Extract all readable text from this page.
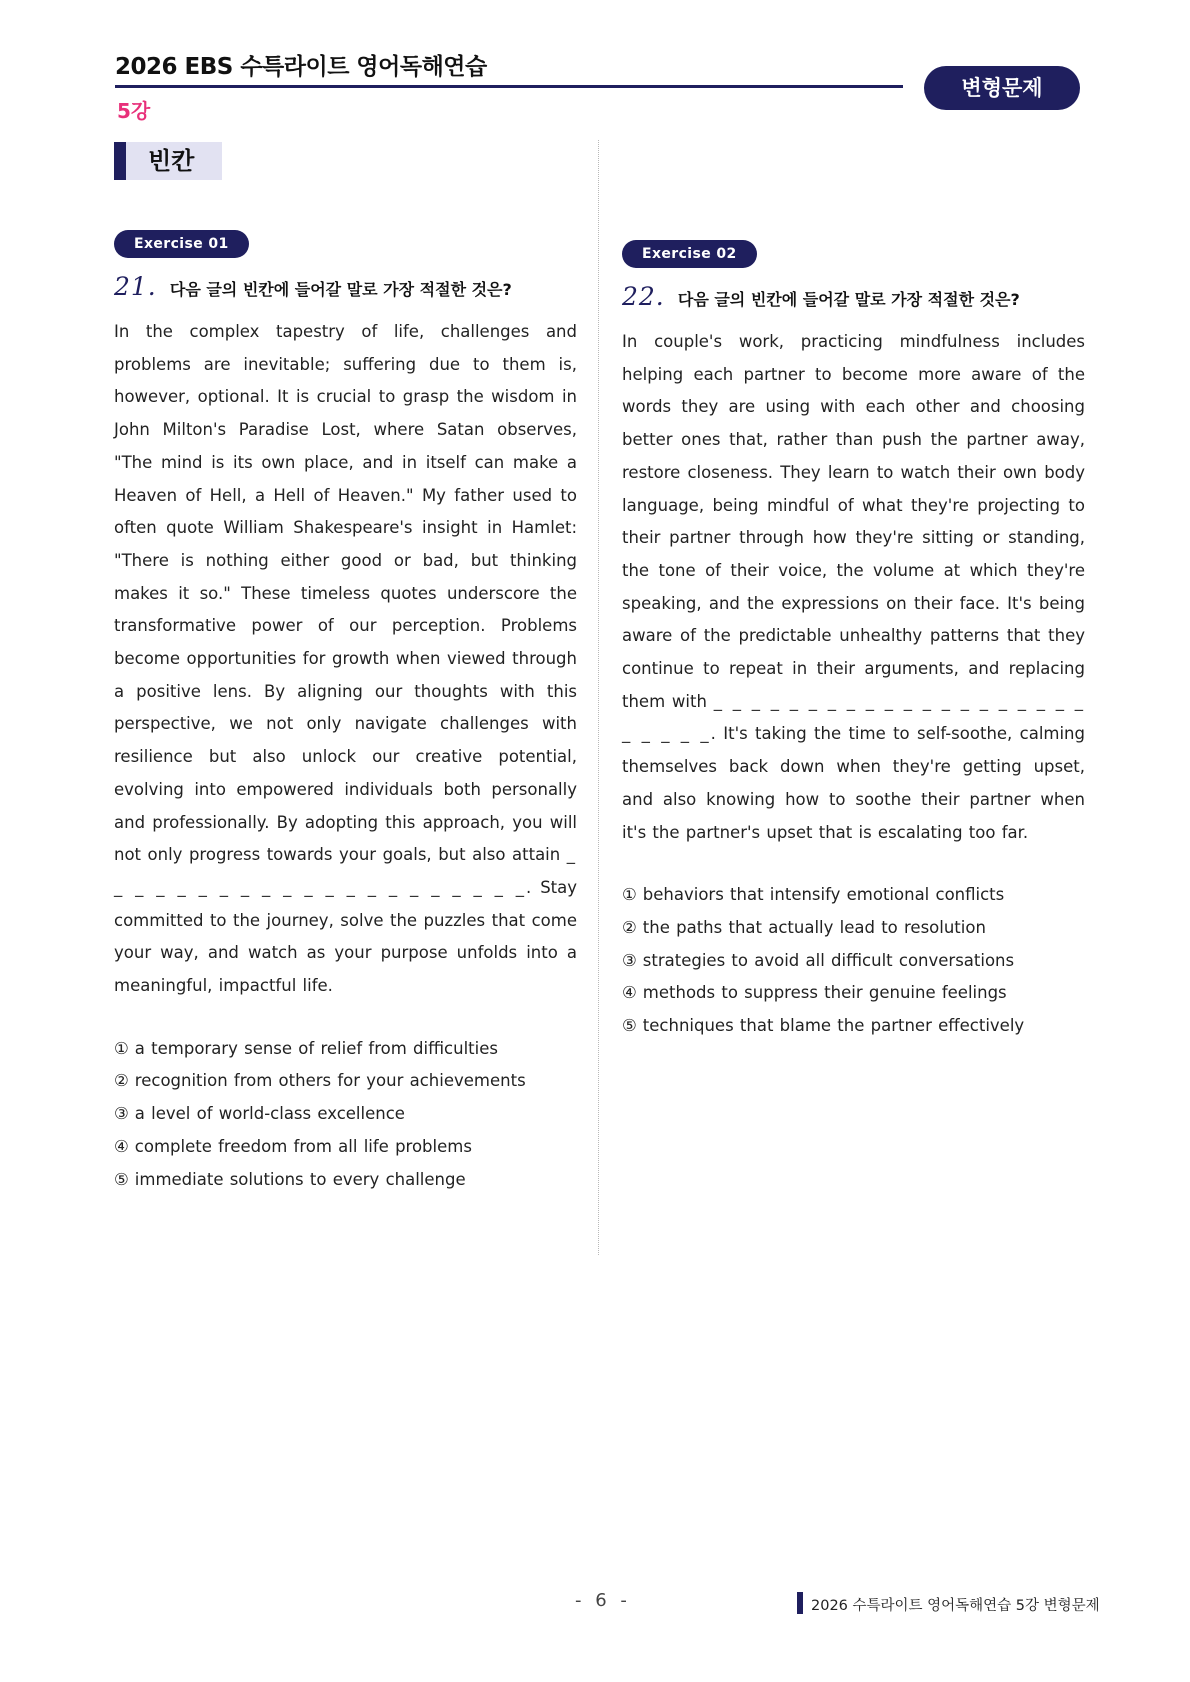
2026 EBS 수특라이트 영어독해연습
5강
변형문제
빈칸
Exercise 01
21. 다음 글의 빈칸에 들어갈 말로 가장 적절한 것은?

In the complex tapestry of life, challenges and problems are inevitable; suffering due to them is, however, optional. It is crucial to grasp the wisdom in John Milton's Paradise Lost, where Satan observes, "The mind is its own place, and in itself can make a Heaven of Hell, a Hell of Heaven." My father used to often quote William Shakespeare's insight in Hamlet: "There is nothing either good or bad, but thinking makes it so." These timeless quotes underscore the transformative power of our perception. Problems become opportunities for growth when viewed through a positive lens. By aligning our thoughts with this perspective, we not only navigate challenges with resilience but also unlock our creative potential, evolving into empowered individuals both personally and professionally. By adopting this approach, you will not only progress towards your goals, but also attain _ _ _ _ _ _ _ _ _ _ _ _ _ _ _ _ _ _ _ _ _. Stay committed to the journey, solve the puzzles that come your way, and watch as your purpose unfolds into a meaningful, impactful life.

① a temporary sense of relief from difficulties
② recognition from others for your achievements
③ a level of world-class excellence
④ complete freedom from all life problems
⑤ immediate solutions to every challenge
Exercise 02
22. 다음 글의 빈칸에 들어갈 말로 가장 적절한 것은?

In couple's work, practicing mindfulness includes helping each partner to become more aware of the words they are using with each other and choosing better ones that, rather than push the partner away, restore closeness. They learn to watch their own body language, being mindful of what they're projecting to their partner through how they're sitting or standing, the tone of their voice, the volume at which they're speaking, and the expressions on their face. It's being aware of the predictable unhealthy patterns that they continue to repeat in their arguments, and replacing them with _ _ _ _ _ _ _ _ _ _ _ _ _ _ _ _ _ _ _ _ _ _ _ _ _. It's taking the time to self-soothe, calming themselves back down when they're getting upset, and also knowing how to soothe their partner when it's the partner's upset that is escalating too far.

① behaviors that intensify emotional conflicts
② the paths that actually lead to resolution
③ strategies to avoid all difficult conversations
④ methods to suppress their genuine feelings
⑤ techniques that blame the partner effectively
- 6 -	2026 수특라이트 영어독해연습 5강 변형문제
